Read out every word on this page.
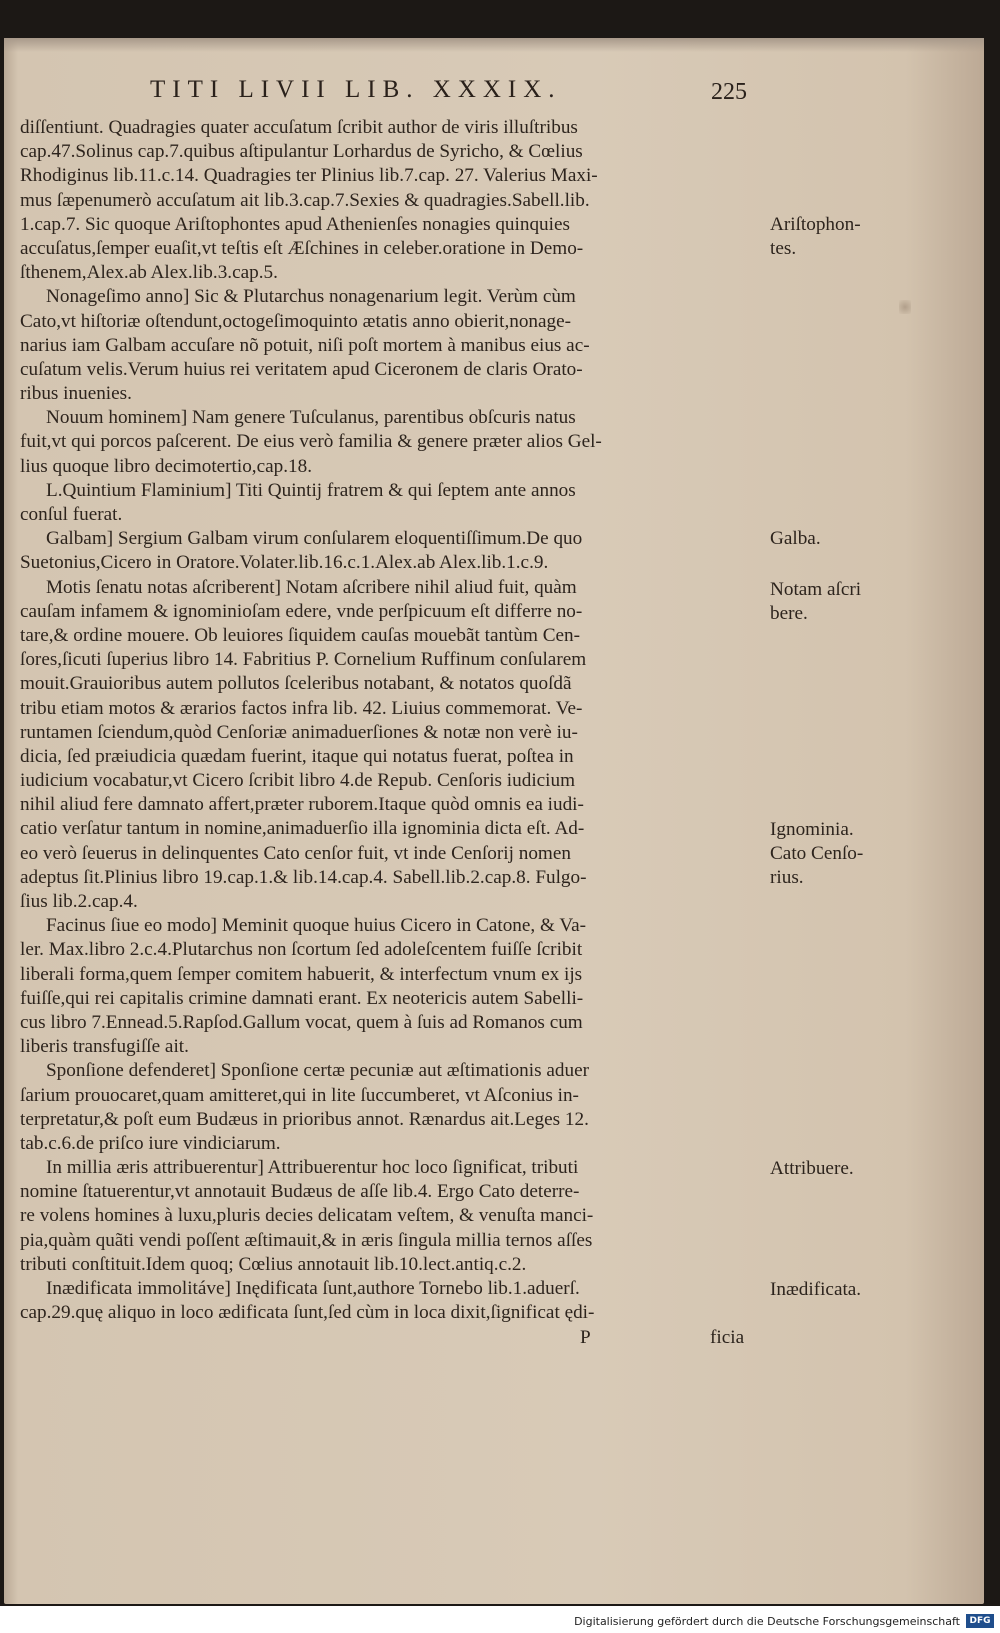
TITI LIVII LIB. XXXIX.	225
diſſentiunt. Quadragies quater accuſatum ſcribit author de viris illuſtribus
cap.47.Solinus cap.7.quibus aſtipulantur Lorhardus de Syricho, & Cœlius
Rhodiginus lib.11.c.14. Quadragies ter Plinius lib.7.cap. 27. Valerius Maxi-
mus ſæpenumerò accuſatum ait lib.3.cap.7.Sexies & quadragies.Sabell.lib.
1.cap.7. Sic quoque Ariſtophontes apud Athenienſes nonagies quinquies
accuſatus,ſemper euaſit,vt teſtis eſt Æſchines in celeber.oratione in Demo-
ſthenem,Alex.ab Alex.lib.3.cap.5.
Nonageſimo anno] Sic & Plutarchus nonagenarium legit. Verùm cùm
Cato,vt hiſtoriæ oſtendunt,octogeſimoquinto ætatis anno obierit,nonage-
narius iam Galbam accuſare nõ potuit, niſi poſt mortem à manibus eius ac-
cuſatum velis.Verum huius rei veritatem apud Ciceronem de claris Orato-
ribus inuenies.
Nouum hominem] Nam genere Tuſculanus, parentibus obſcuris natus
fuit,vt qui porcos paſcerent. De eius verò familia & genere præter alios Gel-
lius quoque libro decimotertio,cap.18.
L.Quintium Flaminium] Titi Quintij fratrem & qui ſeptem ante annos
conſul fuerat.
Galbam] Sergium Galbam virum conſularem eloquentiſſimum.De quo
Suetonius,Cicero in Oratore.Volater.lib.16.c.1.Alex.ab Alex.lib.1.c.9.
Motis ſenatu notas aſcriberent] Notam aſcribere nihil aliud fuit, quàm
cauſam infamem & ignominioſam edere, vnde perſpicuum eſt differre no-
tare,& ordine mouere. Ob leuiores ſiquidem cauſas mouebãt tantùm Cen-
ſores,ſicuti ſuperius libro 14. Fabritius P. Cornelium Ruffinum conſularem
mouit.Grauioribus autem pollutos ſceleribus notabant, & notatos quoſdã
tribu etiam motos & ærarios factos infra lib. 42. Liuius commemorat. Ve-
runtamen ſciendum,quòd Cenſoriæ animaduerſiones & notæ non verè iu-
dicia, ſed præiudicia quædam fuerint, itaque qui notatus fuerat, poſtea in
iudicium vocabatur,vt Cicero ſcribit libro 4.de Repub. Cenſoris iudicium
nihil aliud fere damnato affert,præter ruborem.Itaque quòd omnis ea iudi-
catio verſatur tantum in nomine,animaduerſio illa ignominia dicta eſt. Ad-
eo verò ſeuerus in delinquentes Cato cenſor fuit, vt inde Cenſorij nomen
adeptus ſit.Plinius libro 19.cap.1.& lib.14.cap.4. Sabell.lib.2.cap.8. Fulgo-
ſius lib.2.cap.4.
Facinus ſiue eo modo] Meminit quoque huius Cicero in Catone, & Va-
ler. Max.libro 2.c.4.Plutarchus non ſcortum ſed adoleſcentem fuiſſe ſcribit
liberali forma,quem ſemper comitem habuerit, & interfectum vnum ex ijs
fuiſſe,qui rei capitalis crimine damnati erant. Ex neotericis autem Sabelli-
cus libro 7.Ennead.5.Rapſod.Gallum vocat, quem à ſuis ad Romanos cum
liberis transfugiſſe ait.
Sponſione defenderet] Sponſione certæ pecuniæ aut æſtimationis aduer
ſarium prouocaret,quam amitteret,qui in lite ſuccumberet, vt Aſconius in-
terpretatur,& poſt eum Budæus in prioribus annot. Rænardus ait.Leges 12.
tab.c.6.de priſco iure vindiciarum.
In millia æris attribuerentur] Attribuerentur hoc loco ſignificat, tributi
nomine ſtatuerentur,vt annotauit Budæus de aſſe lib.4. Ergo Cato deterre-
re volens homines à luxu,pluris decies delicatam veſtem, & venuſta manci-
pia,quàm quãti vendi poſſent æſtimauit,& in æris ſingula millia ternos aſſes
tributi conſtituit.Idem quoq; Cœlius annotauit lib.10.lect.antiq.c.2.
Inædificata immolitáve] Inędificata ſunt,authore Tornebo lib.1.aduerſ.
cap.29.quę aliquo in loco ædificata ſunt,ſed cùm in loca dixit,ſignificat ędi-
Ariſtophon-
tes.
Galba.
Notam aſcri
bere.
Ignominia.
Cato Cenſo-
rius.
Attribuere.
Inædificata.
P	ficia
Digitalisierung gefördert durch die Deutsche Forschungsgemeinschaft	DFG
